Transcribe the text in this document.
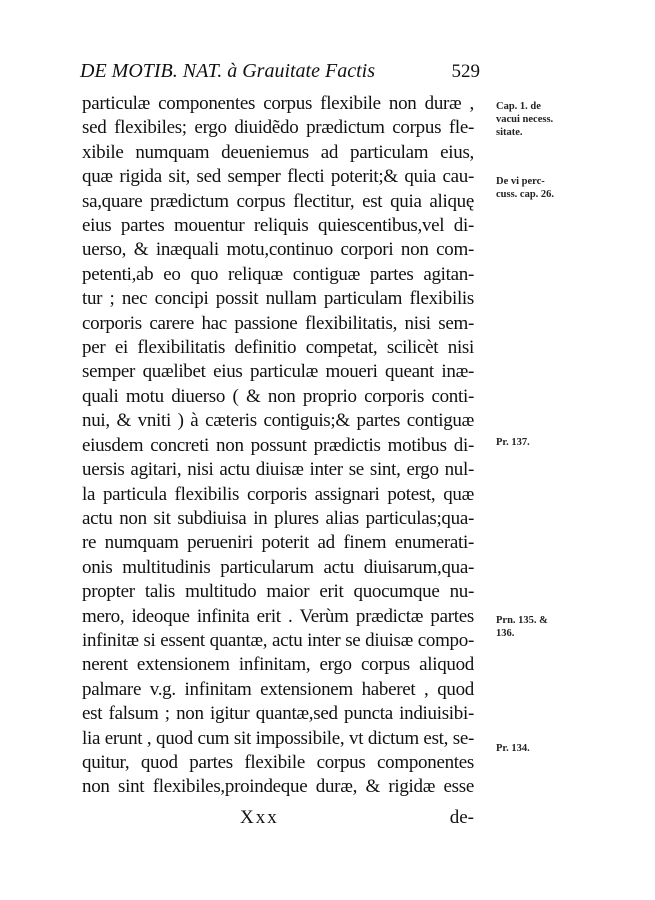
DE MOTIB. NAT. à Grauitate Factis	529
particulæ componentes corpus flexibile non duræ ,
sed flexibiles; ergo diuidẽdo prædictum corpus fle-
xibile numquam deueniemus ad particulam eius,
quæ rigida sit, sed semper flecti poterit;& quia cau-
sa,quare prædictum corpus flectitur, est quia aliquę
eius partes mouentur reliquis quiescentibus,vel di-
uerso, & inæquali motu,continuo corpori non com-
petenti,ab eo quo reliquæ contiguæ partes agitan-
tur ; nec concipi possit nullam particulam flexibilis
corporis carere hac passione flexibilitatis, nisi sem-
per ei flexibilitatis definitio competat, scilicèt nisi
semper quælibet eius particulæ moueri queant inæ-
quali motu diuerso ( & non proprio corporis conti-
nui, & vniti ) à cæteris contiguis;& partes contiguæ
eiusdem concreti non possunt prædictis motibus di-
uersis agitari, nisi actu diuisæ inter se sint, ergo nul-
la particula flexibilis corporis assignari potest, quæ
actu non sit subdiuisa in plures alias particulas;qua-
re numquam perueniri poterit ad finem enumerati-
onis multitudinis particularum actu diuisarum,qua-
propter talis multitudo maior erit quocumque nu-
mero, ideoque infinita erit . Verùm prædictæ partes
infinitæ si essent quantæ, actu inter se diuisæ compo-
nerent extensionem infinitam, ergo corpus aliquod
palmare v.g. infinitam extensionem haberet , quod
est falsum ; non igitur quantæ,sed puncta indiuisibi-
lia erunt , quod cum sit impossibile, vt dictum est, se-
quitur, quod partes flexibile corpus componentes
non sint flexibiles,proindeque duræ, & rigidæ esse
Xxx	de-
Cap. 1. de
vacui necess.
sitate.
De vi perc-
cuss. cap. 26.
Pr. 137.
Prn. 135. &
136.
Pr. 134.
